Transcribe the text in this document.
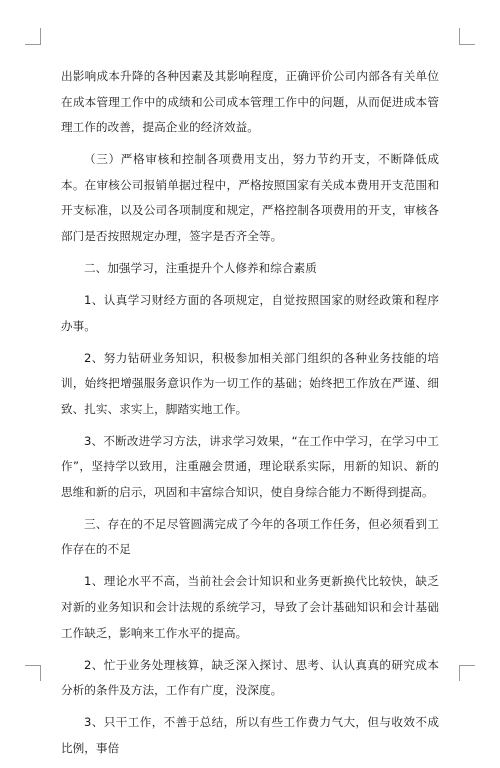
出影响成本升降的各种因素及其影响程度，正确评价公司内部各有关单位在成本管理工作中的成绩和公司成本管理工作中的问题，从而促进成本管理工作的改善，提高企业的经济效益。

（三）严格审核和控制各项费用支出，努力节约开支，不断降低成本。在审核公司报销单据过程中，严格按照国家有关成本费用开支范围和开支标准，以及公司各项制度和规定，严格控制各项费用的开支，审核各部门是否按照规定办理，签字是否齐全等。

二、加强学习，注重提升个人修养和综合素质

1、认真学习财经方面的各项规定，自觉按照国家的财经政策和程序办事。

2、努力钻研业务知识，积极参加相关部门组织的各种业务技能的培训，始终把增强服务意识作为一切工作的基础；始终把工作放在严谨、细致、扎实、求实上，脚踏实地工作。

3、不断改进学习方法，讲求学习效果，“在工作中学习，在学习中工作”，坚持学以致用，注重融会贯通，理论联系实际，用新的知识、新的思维和新的启示，巩固和丰富综合知识，使自身综合能力不断得到提高。

三、存在的不足尽管圆满完成了今年的各项工作任务，但必须看到工作存在的不足

1、理论水平不高，当前社会会计知识和业务更新换代比较快，缺乏对新的业务知识和会计法规的系统学习，导致了会计基础知识和会计基础工作缺乏，影响来工作水平的提高。

2、忙于业务处理核算，缺乏深入探讨、思考、认认真真的研究成本分析的条件及方法，工作有广度，没深度。

3、只干工作，不善于总结，所以有些工作费力气大，但与收效不成比例，事倍
